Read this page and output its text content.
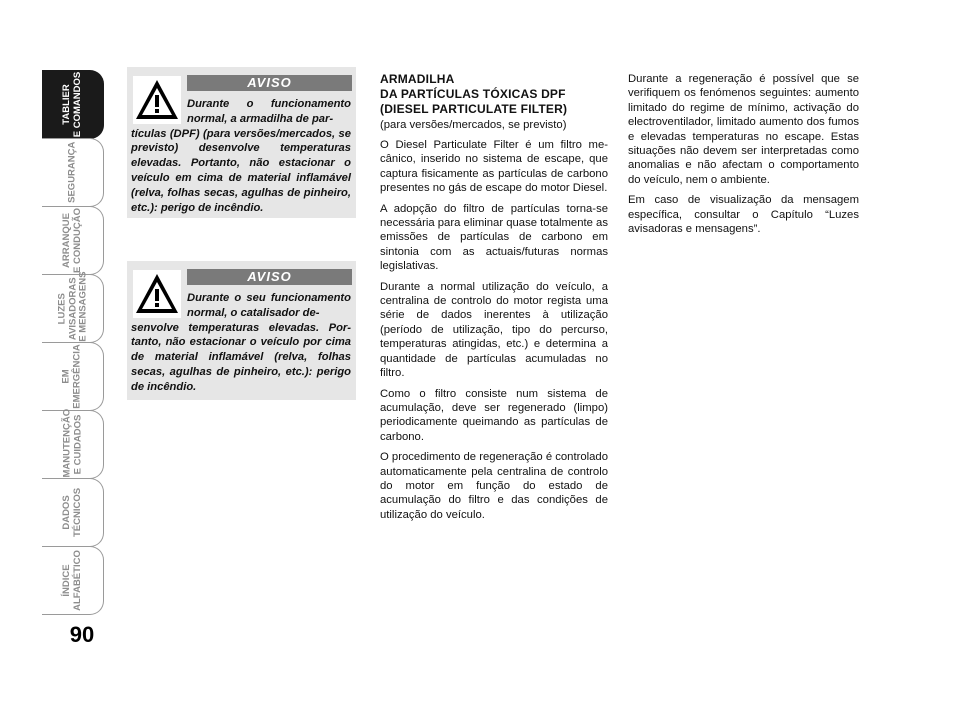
TABLIER
E COMANDOS
SEGURANÇA
ARRANQUE
E CONDUÇÃO
LUZES
AVISADORAS
E MENSAGENS
EM
EMERGÊNCIA
MANUTENÇÃO
E CUIDADOS
DADOS
TÉCNICOS
ÍNDICE
ALFABÉTICO
90
AVISO
Durante o funcionamento normal, a armadilha de par-
tículas (DPF) (para versões/mercados, se previsto) desenvolve temperaturas elevadas. Portanto, não estacionar o veículo em cima de material inflamável (relva, folhas secas, agulhas de pinheiro, etc.): perigo de incêndio.
AVISO
Durante o seu funcionamento normal, o catalisador de-
senvolve temperaturas elevadas. Portanto, não estacionar o veículo por cima de material inflamável (relva, folhas secas, agulhas de pinheiro, etc.): perigo de incêndio.
ARMADILHA
DA PARTÍCULAS TÓXICAS DPF
(DIESEL PARTICULATE FILTER)

(para versões/mercados, se previsto)

O Diesel Particulate Filter é um filtro mecânico, inserido no sistema de escape, que captura fisicamente as partículas de carbono presentes no gás de escape do motor Diesel.

A adopção do filtro de partículas torna-se necessária para eliminar quase totalmente as emissões de partículas de carbono em sintonia com as actuais/futuras normas legislativas.

Durante a normal utilização do veículo, a centralina de controlo do motor regista uma série de dados inerentes à utilização (período de utilização, tipo do percurso, temperaturas atingidas, etc.) e determina a quantidade de partículas acumuladas no filtro.

Como o filtro consiste num sistema de acumulação, deve ser regenerado (limpo) periodicamente queimando as partículas de carbono.

O procedimento de regeneração é controlado automaticamente pela centralina de controlo do motor em função do estado de acumulação do filtro e das condições de utilização do veículo.

Durante a regeneração é possível que se verifiquem os fenómenos seguintes: aumento limitado do regime de mínimo, activação do electroventilador, limitado aumento dos fumos e elevadas temperaturas no escape. Estas situações não devem ser interpretadas como anomalias e não afectam o comportamento do veículo, nem o ambiente.

Em caso de visualização da mensagem específica, consultar o Capítulo “Luzes avisadoras e mensagens”.
